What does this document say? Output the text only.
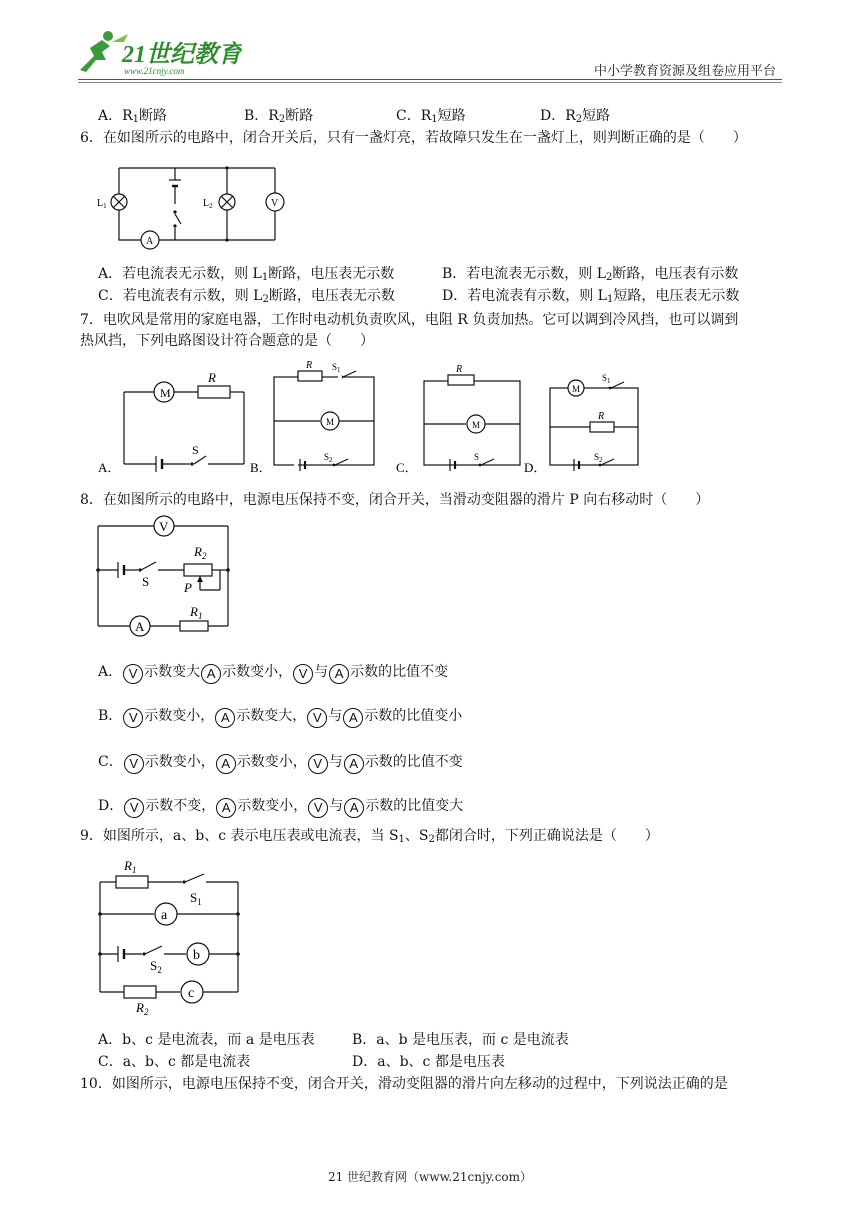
21世纪教育
www.21cnjy.com	中小学教育资源及组卷应用平台
A．$R_1$断路	B．$R_2$断路	C．$R_1$短路	D．$R_2$短路
6．在如图所示的电路中，闭合开关后，只有一盏灯亮，若故障只发生在一盏灯上，则判断正确的是（　　）
$L_1$	$L_2$	V
A
A．若电流表无示数，则 $L_1$断路，电压表无示数	B．若电流表无示数，则 $L_2$断路，电压表有示数
C．若电流表有示数，则 $L_2$断路，电压表无示数	D．若电流表有示数，则 $L_1$短路，电压表无示数
7．电吹风是常用的家庭电器，工作时电动机负责吹风，电阻 R 负责加热。它可以调到冷风挡，也可以调到
热风挡，下列电路图设计符合题意的是（　　）
M
R
S
A．
R $S_1$
M
$S_2$
B．
R
M
S
C．
M
$S_1$
R
$S_2$
D．
8．在如图所示的电路中，电源电压保持不变，闭合开关，当滑动变阻器的滑片 P 向右移动时（　　）
V
A
S
$R_2$
$R_1$
P
A． V 示数变大 A 示数变小， V 与 A 示数的比值不变
B． V 示数变小， A 示数变大， V 与 A 示数的比值变小
C． V 示数变小， A 示数变小， V 与 A 示数的比值不变
D． V 示数不变， A 示数变小， V 与 A 示数的比值变大
9．如图所示，a、b、c 表示电压表或电流表，当 $S_1$、$S_2$都闭合时，下列正确说法是（　　）
$R_1$
$S_1$
a
b
$S_2$
c
$R_2$
A．b、c 是电流表，而 a 是电压表	B．a、b 是电压表，而 c 是电流表
C．a、b、c 都是电流表	D．a、b、c 都是电压表
10．如图所示，电源电压保持不变，闭合开关，滑动变阻器的滑片向左移动的过程中，下列说法正确的是
21 世纪教育网（www.21cnjy.com）
